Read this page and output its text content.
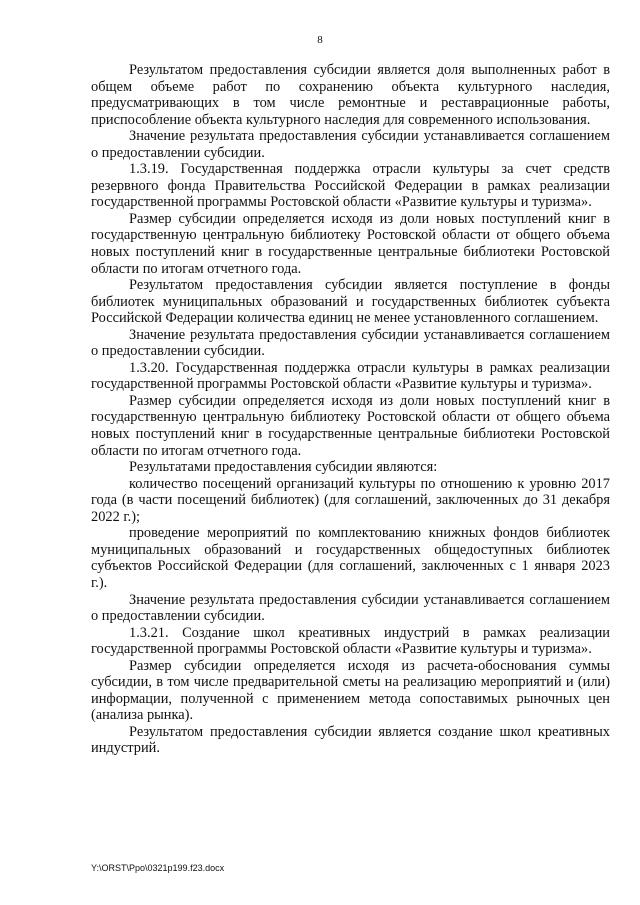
8

Результатом предоставления субсидии является доля выполненных работ в общем объеме работ по сохранению объекта культурного наследия, предусматривающих в том числе ремонтные и реставрационные работы, приспособление объекта культурного наследия для современного использования.

Значение результата предоставления субсидии устанавливается соглашением о предоставлении субсидии.

1.3.19. Государственная поддержка отрасли культуры за счет средств резервного фонда Правительства Российской Федерации в рамках реализации государственной программы Ростовской области «Развитие культуры и туризма».

Размер субсидии определяется исходя из доли новых поступлений книг в государственную центральную библиотеку Ростовской области от общего объема новых поступлений книг в государственные центральные библиотеки Ростовской области по итогам отчетного года.

Результатом предоставления субсидии является поступление в фонды библиотек муниципальных образований и государственных библиотек субъекта Российской Федерации количества единиц не менее установленного соглашением.

Значение результата предоставления субсидии устанавливается соглашением о предоставлении субсидии.

1.3.20. Государственная поддержка отрасли культуры в рамках реализации государственной программы Ростовской области «Развитие культуры и туризма».

Размер субсидии определяется исходя из доли новых поступлений книг в государственную центральную библиотеку Ростовской области от общего объема новых поступлений книг в государственные центральные библиотеки Ростовской области по итогам отчетного года.

Результатами предоставления субсидии являются:

количество посещений организаций культуры по отношению к уровню 2017 года (в части посещений библиотек) (для соглашений, заключенных до 31 декабря 2022 г.);

проведение мероприятий по комплектованию книжных фондов библиотек муниципальных образований и государственных общедоступных библиотек субъектов Российской Федерации (для соглашений, заключенных с 1 января 2023 г.).

Значение результата предоставления субсидии устанавливается соглашением о предоставлении субсидии.

1.3.21. Создание школ креативных индустрий в рамках реализации государственной программы Ростовской области «Развитие культуры и туризма».

Размер субсидии определяется исходя из расчета-обоснования суммы субсидии, в том числе предварительной сметы на реализацию мероприятий и (или) информации, полученной с применением метода сопоставимых рыночных цен (анализа рынка).

Результатом предоставления субсидии является создание школ креативных индустрий.

Y:\ORST\Ppo\0321p199.f23.docx
